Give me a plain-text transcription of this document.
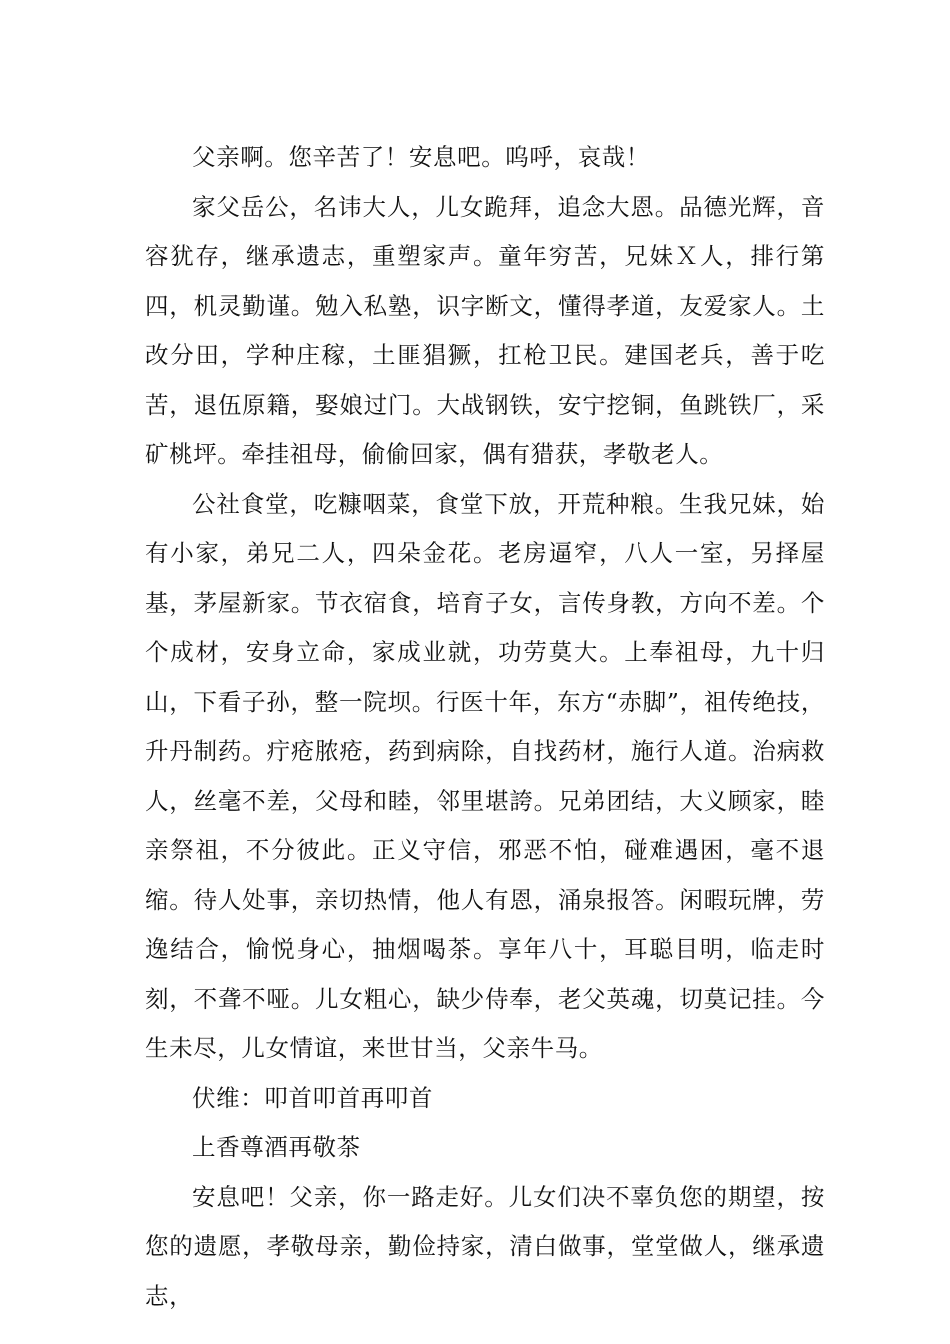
父亲啊。您辛苦了！安息吧。呜呼，哀哉！

家父岳公，名讳大人，儿女跪拜，追念大恩。品德光辉，音容犹存，继承遗志，重塑家声。童年穷苦，兄妹Ｘ人，排行第四，机灵勤谨。勉入私塾，识字断文，懂得孝道，友爱家人。土改分田，学种庄稼，土匪猖獗，扛枪卫民。建国老兵，善于吃苦，退伍原籍，娶娘过门。大战钢铁，安宁挖铜，鱼跳铁厂，采矿桃坪。牵挂祖母，偷偷回家，偶有猎获，孝敬老人。

公社食堂，吃糠咽菜，食堂下放，开荒种粮。生我兄妹，始有小家，弟兄二人，四朵金花。老房逼窄，八人一室，另择屋基，茅屋新家。节衣宿食，培育子女，言传身教，方向不差。个个成材，安身立命，家成业就，功劳莫大。上奉祖母，九十归山，下看子孙，整一院坝。行医十年，东方“赤脚”，祖传绝技，升丹制药。疔疮脓疮，药到病除，自找药材，施行人道。治病救人，丝毫不差，父母和睦，邻里堪誇。兄弟团结，大义顾家，睦亲祭祖，不分彼此。正义守信，邪恶不怕，碰难遇困，毫不退缩。待人处事，亲切热情，他人有恩，涌泉报答。闲暇玩牌，劳逸结合，愉悦身心，抽烟喝茶。享年八十，耳聪目明，临走时刻，不聋不哑。儿女粗心，缺少侍奉，老父英魂，切莫记挂。今生未尽，儿女情谊，来世甘当，父亲牛马。

伏维：叩首叩首再叩首

上香尊酒再敬茶

安息吧！父亲，你一路走好。儿女们决不辜负您的期望，按您的遗愿，孝敬母亲，勤俭持家，清白做事，堂堂做人，继承遗志，
